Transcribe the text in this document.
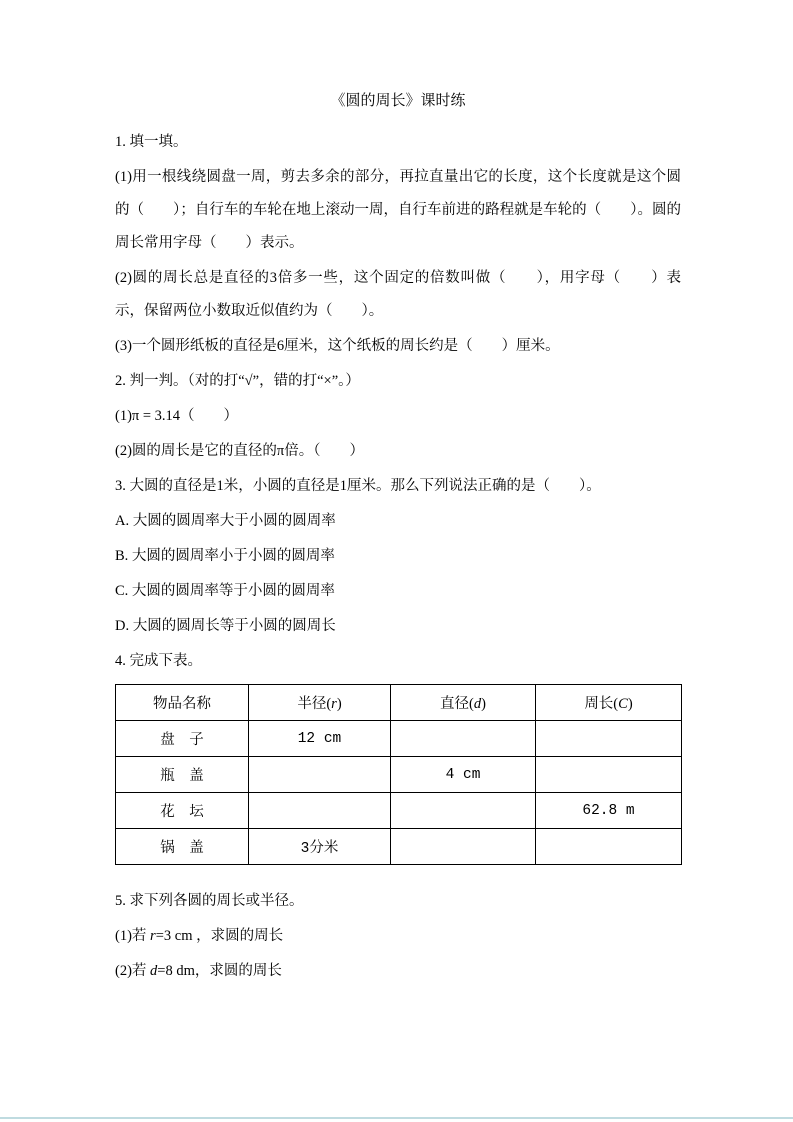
《圆的周长》课时练

1. 填一填。

(1)用一根线绕圆盘一周，剪去多余的部分，再拉直量出它的长度，这个长度就是这个圆的（　　）；自行车的车轮在地上滚动一周，自行车前进的路程就是车轮的（　　）。圆的周长常用字母（　　）表示。

(2)圆的周长总是直径的3倍多一些，这个固定的倍数叫做（　　），用字母（　　）表示，保留两位小数取近似值约为（　　）。

(3)一个圆形纸板的直径是6厘米，这个纸板的周长约是（　　）厘米。

2. 判一判。（对的打“√”，错的打“×”。）

(1)π = 3.14（　　）

(2)圆的周长是它的直径的π倍。（　　）

3. 大圆的直径是1米，小圆的直径是1厘米。那么下列说法正确的是（　　）。

A. 大圆的圆周率大于小圆的圆周率

B. 大圆的圆周率小于小圆的圆周率

C. 大圆的圆周率等于小圆的圆周率

D. 大圆的圆周长等于小圆的圆周长

4. 完成下表。

物品名称	半径(r)	直径(d)	周长(C)
盘　子	12 cm		
瓶　盖		4 cm	
花　坛			62.8 m
锅　盖	3分米		

5. 求下列各圆的周长或半径。

(1)若 r=3 cm ，求圆的周长

(2)若 d=8 dm，求圆的周长
